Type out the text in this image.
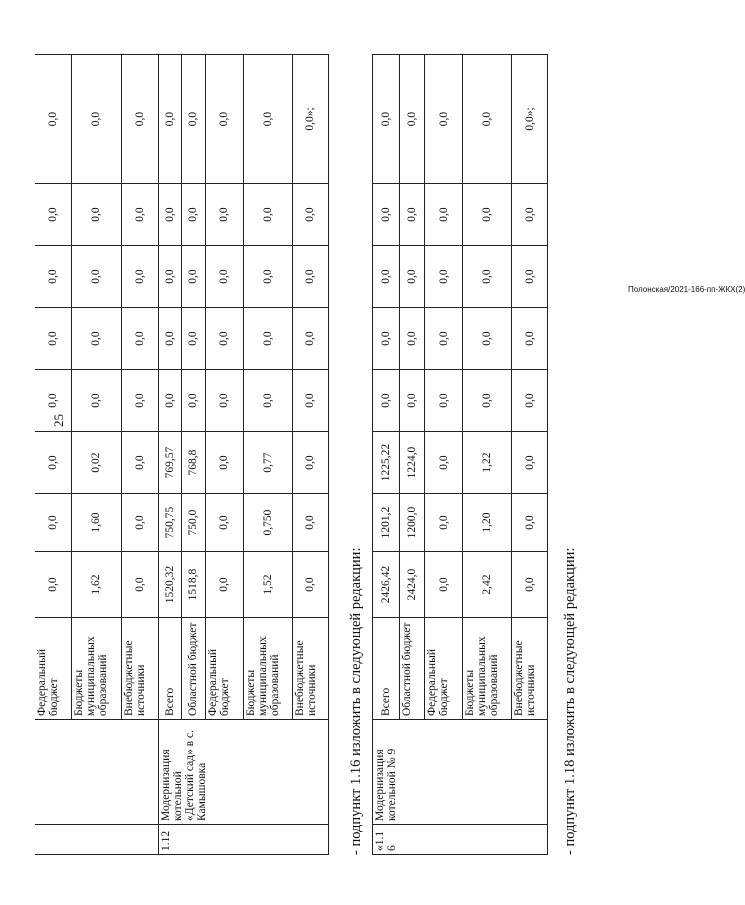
25
Полонская/2021-166-пп-ЖКХ(2)
		Федеральный бюджет	0,0	0,0	0,0	0,0	0,0	0,0	0,0	0,0
		Бюджеты муниципальных образований	1,62	1,60	0,02	0,0	0,0	0,0	0,0	0,0
		Внебюджетные источники	0,0	0,0	0,0	0,0	0,0	0,0	0,0	0,0
1.12	Модернизация котельной «Детский сад» в с. Камышовка	Всего	1520,32	750,75	769,57	0,0	0,0	0,0	0,0	0,0
		Областной бюджет	1518,8	750,0	768,8	0,0	0,0	0,0	0,0	0,0
		Федеральный бюджет	0,0	0,0	0,0	0,0	0,0	0,0	0,0	0,0
		Бюджеты муниципальных образований	1,52	0,750	0,77	0,0	0,0	0,0	0,0	0,0
		Внебюджетные источники	0,0	0,0	0,0	0,0	0,0	0,0	0,0	0,0»;
- подпункт 1.16 изложить в следующей редакции: «1.16	Модернизация котельной № 9	Всего	2426,42	1201,2	1225,22	0,0	0,0	0,0	0,0	0,0
		Областной бюджет	2424,0	1200,0	1224,0	0,0	0,0	0,0	0,0	0,0
		Федеральный бюджет	0,0	0,0	0,0	0,0	0,0	0,0	0,0	0,0
		Бюджеты муниципальных образований	2,42	1,20	1,22	0,0	0,0	0,0	0,0	0,0
		Внебюджетные источники	0,0	0,0	0,0	0,0	0,0	0,0	0,0	0,0»;
- подпункт 1.18 изложить в следующей редакции:
